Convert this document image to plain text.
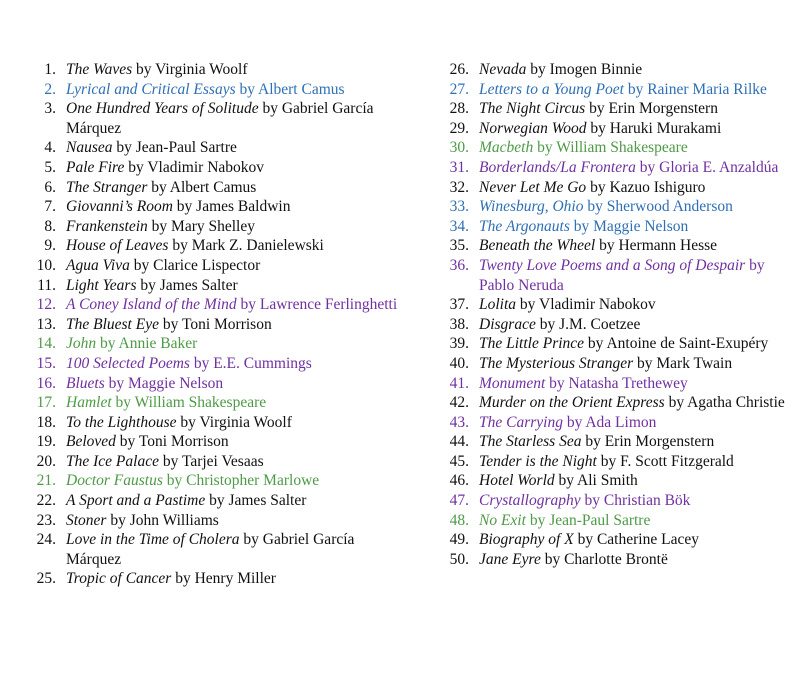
1. The Waves by Virginia Woolf
2. Lyrical and Critical Essays by Albert Camus
3. One Hundred Years of Solitude by Gabriel García Márquez
4. Nausea by Jean-Paul Sartre
5. Pale Fire by Vladimir Nabokov
6. The Stranger by Albert Camus
7. Giovanni’s Room by James Baldwin
8. Frankenstein by Mary Shelley
9. House of Leaves by Mark Z. Danielewski
10. Agua Viva by Clarice Lispector
11. Light Years by James Salter
12. A Coney Island of the Mind by Lawrence Ferlinghetti
13. The Bluest Eye by Toni Morrison
14. John by Annie Baker
15. 100 Selected Poems by E.E. Cummings
16. Bluets by Maggie Nelson
17. Hamlet by William Shakespeare
18. To the Lighthouse by Virginia Woolf
19. Beloved by Toni Morrison
20. The Ice Palace by Tarjei Vesaas
21. Doctor Faustus by Christopher Marlowe
22. A Sport and a Pastime by James Salter
23. Stoner by John Williams
24. Love in the Time of Cholera by Gabriel García Márquez
25. Tropic of Cancer by Henry Miller
26. Nevada by Imogen Binnie
27. Letters to a Young Poet by Rainer Maria Rilke
28. The Night Circus by Erin Morgenstern
29. Norwegian Wood by Haruki Murakami
30. Macbeth by William Shakespeare
31. Borderlands/La Frontera by Gloria E. Anzaldúa
32. Never Let Me Go by Kazuo Ishiguro
33. Winesburg, Ohio by Sherwood Anderson
34. The Argonauts by Maggie Nelson
35. Beneath the Wheel by Hermann Hesse
36. Twenty Love Poems and a Song of Despair by Pablo Neruda
37. Lolita by Vladimir Nabokov
38. Disgrace by J.M. Coetzee
39. The Little Prince by Antoine de Saint-Exupéry
40. The Mysterious Stranger by Mark Twain
41. Monument by Natasha Trethewey
42. Murder on the Orient Express by Agatha Christie
43. The Carrying by Ada Limon
44. The Starless Sea by Erin Morgenstern
45. Tender is the Night by F. Scott Fitzgerald
46. Hotel World by Ali Smith
47. Crystallography by Christian Bök
48. No Exit by Jean-Paul Sartre
49. Biography of X by Catherine Lacey
50. Jane Eyre by Charlotte Brontë
